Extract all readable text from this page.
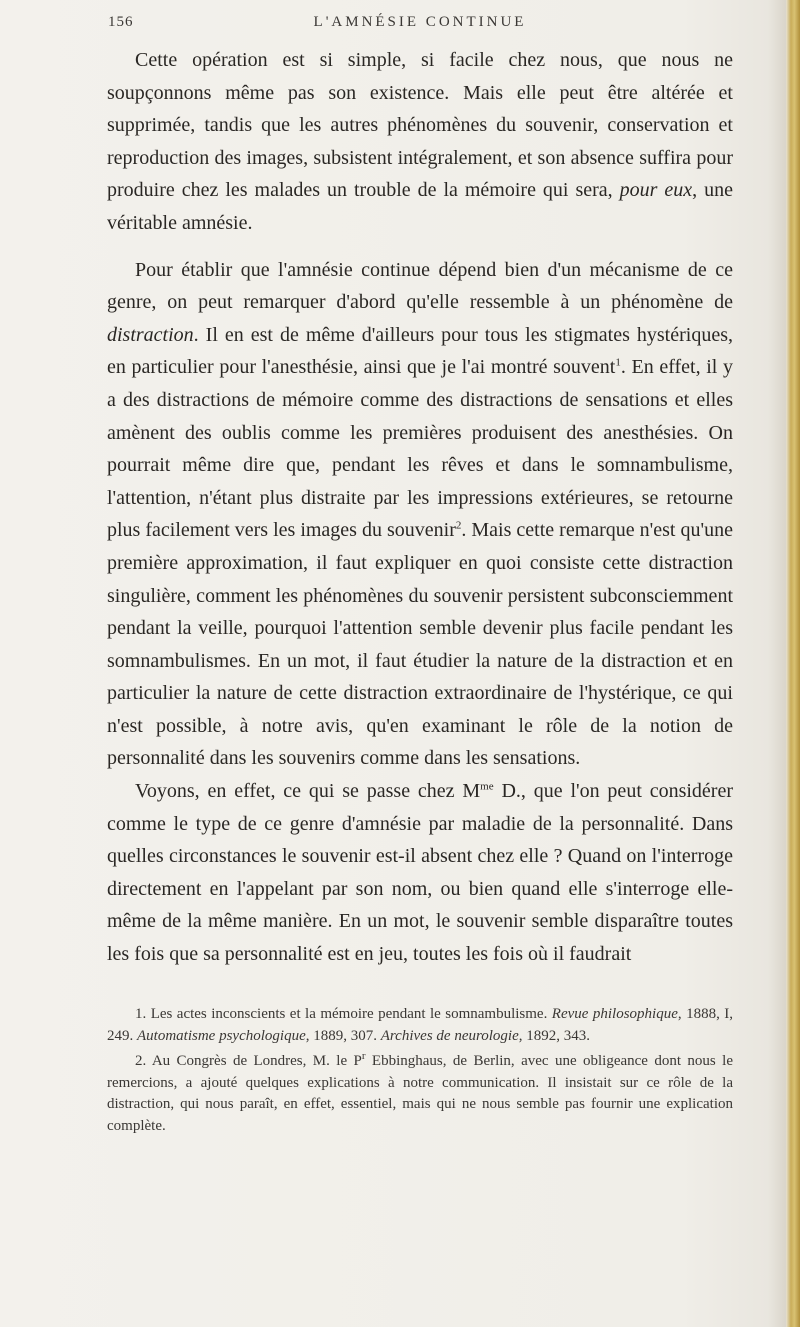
156	L'AMNÉSIE CONTINUE

Cette opération est si simple, si facile chez nous, que nous ne soupçonnons même pas son existence. Mais elle peut être altérée et supprimée, tandis que les autres phénomènes du souvenir, conservation et reproduction des images, subsistent intégralement, et son absence suffira pour produire chez les malades un trouble de la mémoire qui sera, pour eux, une véritable amnésie.

Pour établir que l'amnésie continue dépend bien d'un mécanisme de ce genre, on peut remarquer d'abord qu'elle ressemble à un phénomène de distraction. Il en est de même d'ailleurs pour tous les stigmates hystériques, en particulier pour l'anesthésie, ainsi que je l'ai montré souvent$^1$. En effet, il y a des distractions de mémoire comme des distractions de sensations et elles amènent des oublis comme les premières produisent des anesthésies. On pourrait même dire que, pendant les rêves et dans le somnambulisme, l'attention, n'étant plus distraite par les impressions extérieures, se retourne plus facilement vers les images du souvenir$^2$. Mais cette remarque n'est qu'une première approximation, il faut expliquer en quoi consiste cette distraction singulière, comment les phénomènes du souvenir persistent subconsciemment pendant la veille, pourquoi l'attention semble devenir plus facile pendant les somnambulismes. En un mot, il faut étudier la nature de la distraction et en particulier la nature de cette distraction extraordinaire de l'hystérique, ce qui n'est possible, à notre avis, qu'en examinant le rôle de la notion de personnalité dans les souvenirs comme dans les sensations.

Voyons, en effet, ce qui se passe chez $M^{me}$ D., que l'on peut considérer comme le type de ce genre d'amnésie par maladie de la personnalité. Dans quelles circonstances le souvenir est-il absent chez elle ? Quand on l'interroge directement en l'appelant par son nom, ou bien quand elle s'interroge elle-même de la même manière. En un mot, le souvenir semble disparaître toutes les fois que sa personnalité est en jeu, toutes les fois où il faudrait

1. Les actes inconscients et la mémoire pendant le somnambulisme. Revue philosophique, 1888, I, 249. Automatisme psychologique, 1889, 307. Archives de neurologie, 1892, 343.

2. Au Congrès de Londres, M. le $P^r$ Ebbinghaus, de Berlin, avec une obligeance dont nous le remercions, a ajouté quelques explications à notre communication. Il insistait sur ce rôle de la distraction, qui nous paraît, en effet, essentiel, mais qui ne nous semble pas fournir une explication complète.
